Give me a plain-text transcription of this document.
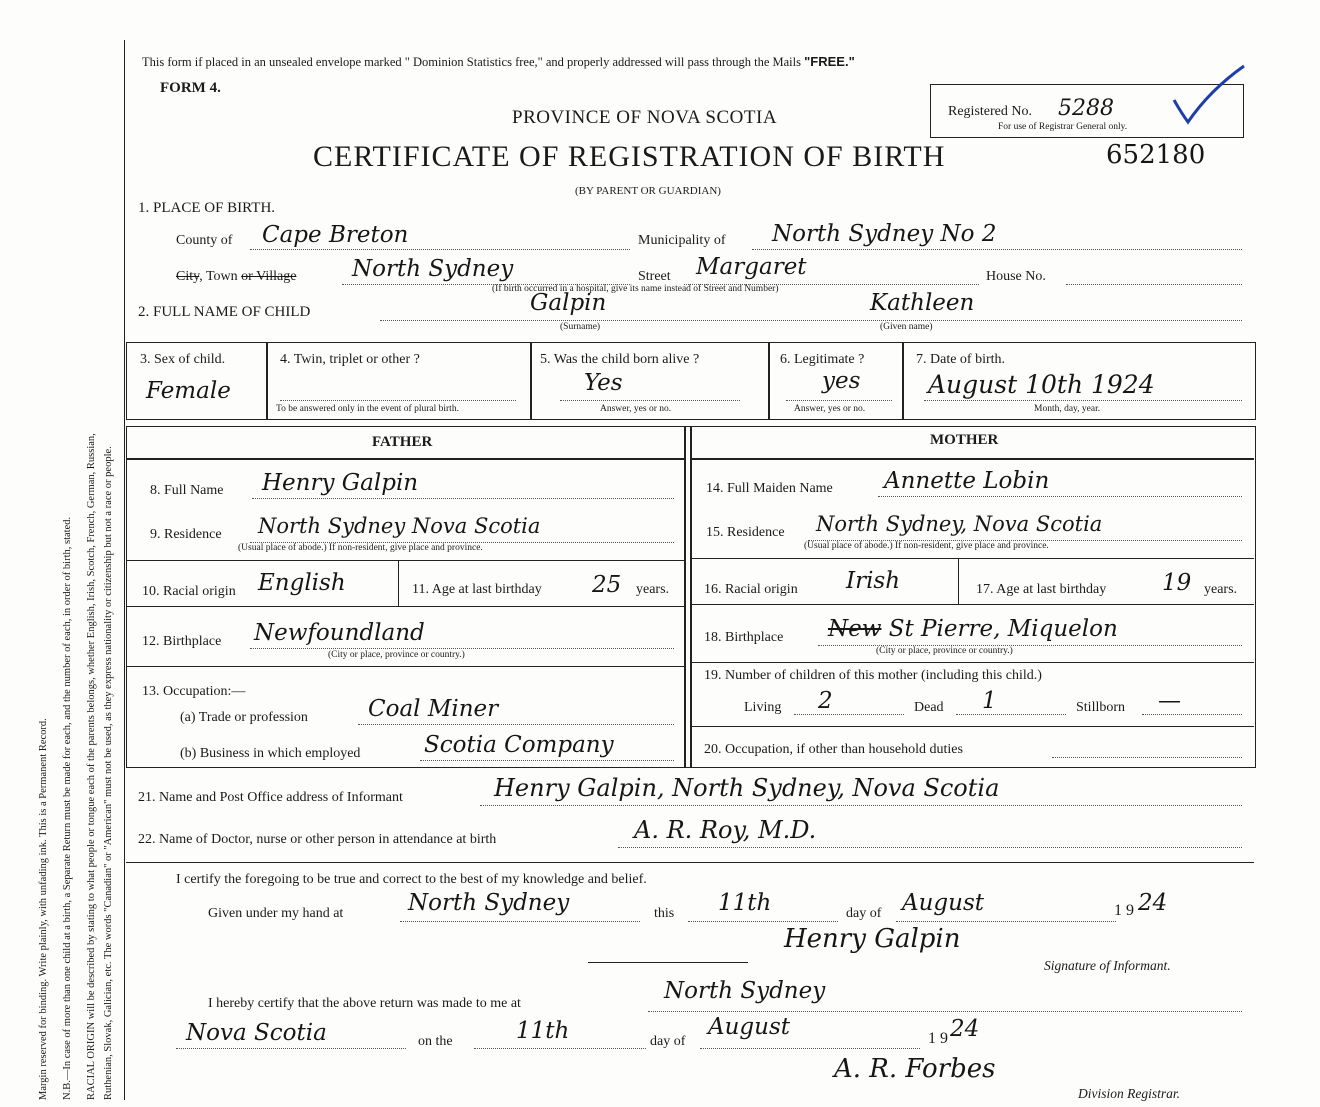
Margin reserved for binding. Write plainly, with unfading ink. This is a Permanent Record. N.B.—In case of more than one child at a birth, a Separate Return must be made for each, and the number of each, in order of birth, stated. RACIAL ORIGIN will be described by stating to what people or tongue each of the parents belongs, whether English, Irish, Scotch, French, German, Russian, Ruthenian, Slovak, Galician, etc. The words "Canadian" or "American" must not be used, as they express nationality or citizenship but not a race or people.
This form if placed in an unsealed envelope marked " Dominion Statistics free," and properly addressed will pass through the Mails "FREE."
FORM 4.
PROVINCE OF NOVA SCOTIA
CERTIFICATE OF REGISTRATION OF BIRTH
(BY PARENT OR GUARDIAN)
Registered No. 5288
For use of Registrar General only.
652180
1. PLACE OF BIRTH.
County of Cape Breton	Municipality of North Sydney No 2
City, Town or Village North Sydney	Street Margaret	House No.
(If birth occurred in a hospital, give its name instead of Street and Number)
2. FULL NAME OF CHILD	Galpin
(Surname)
Kathleen
(Given name)
3. Sex of child.
Female
4. Twin, triplet or other ?
To be answered only in the event of plural birth.
5. Was the child born alive ?
Yes
Answer, yes or no.
6. Legitimate ?
yes
Answer, yes or no.
7. Date of birth.
August 10th 1924
Month, day, year.
FATHER	MOTHER
8. Full Name Henry Galpin
9. Residence North Sydney Nova Scotia
(Usual place of abode.) If non-resident, give place and province.
10. Racial origin English	11. Age at last birthday 25 years.
12. Birthplace Newfoundland
(City or place, province or country.)
13. Occupation:—
(a) Trade or profession	Coal Miner
(b) Business in which employed	Scotia Company
14. Full Maiden Name Annette Lobin
15. Residence North Sydney, Nova Scotia
(Usual place of abode.) If non-resident, give place and province.
16. Racial origin Irish	17. Age at last birthday 19 years.
18. Birthplace New St Pierre, Miquelon
(City or place, province or country.)
19. Number of children of this mother (including this child.)
Living 2	Dead 1	Stillborn —
20. Occupation, if other than household duties
21. Name and Post Office address of Informant	Henry Galpin, North Sydney, Nova Scotia
22. Name of Doctor, nurse or other person in attendance at birth	A. R. Roy, M.D.
I certify the foregoing to be true and correct to the best of my knowledge and belief.
Given under my hand at	North Sydney	this 11th	day of August	19 24
Henry Galpin
Signature of Informant.
I hereby certify that the above return was made to me at	North Sydney
Nova Scotia	on the	11th	day of
August	19
24
A. R. Forbes
Division Registrar.
